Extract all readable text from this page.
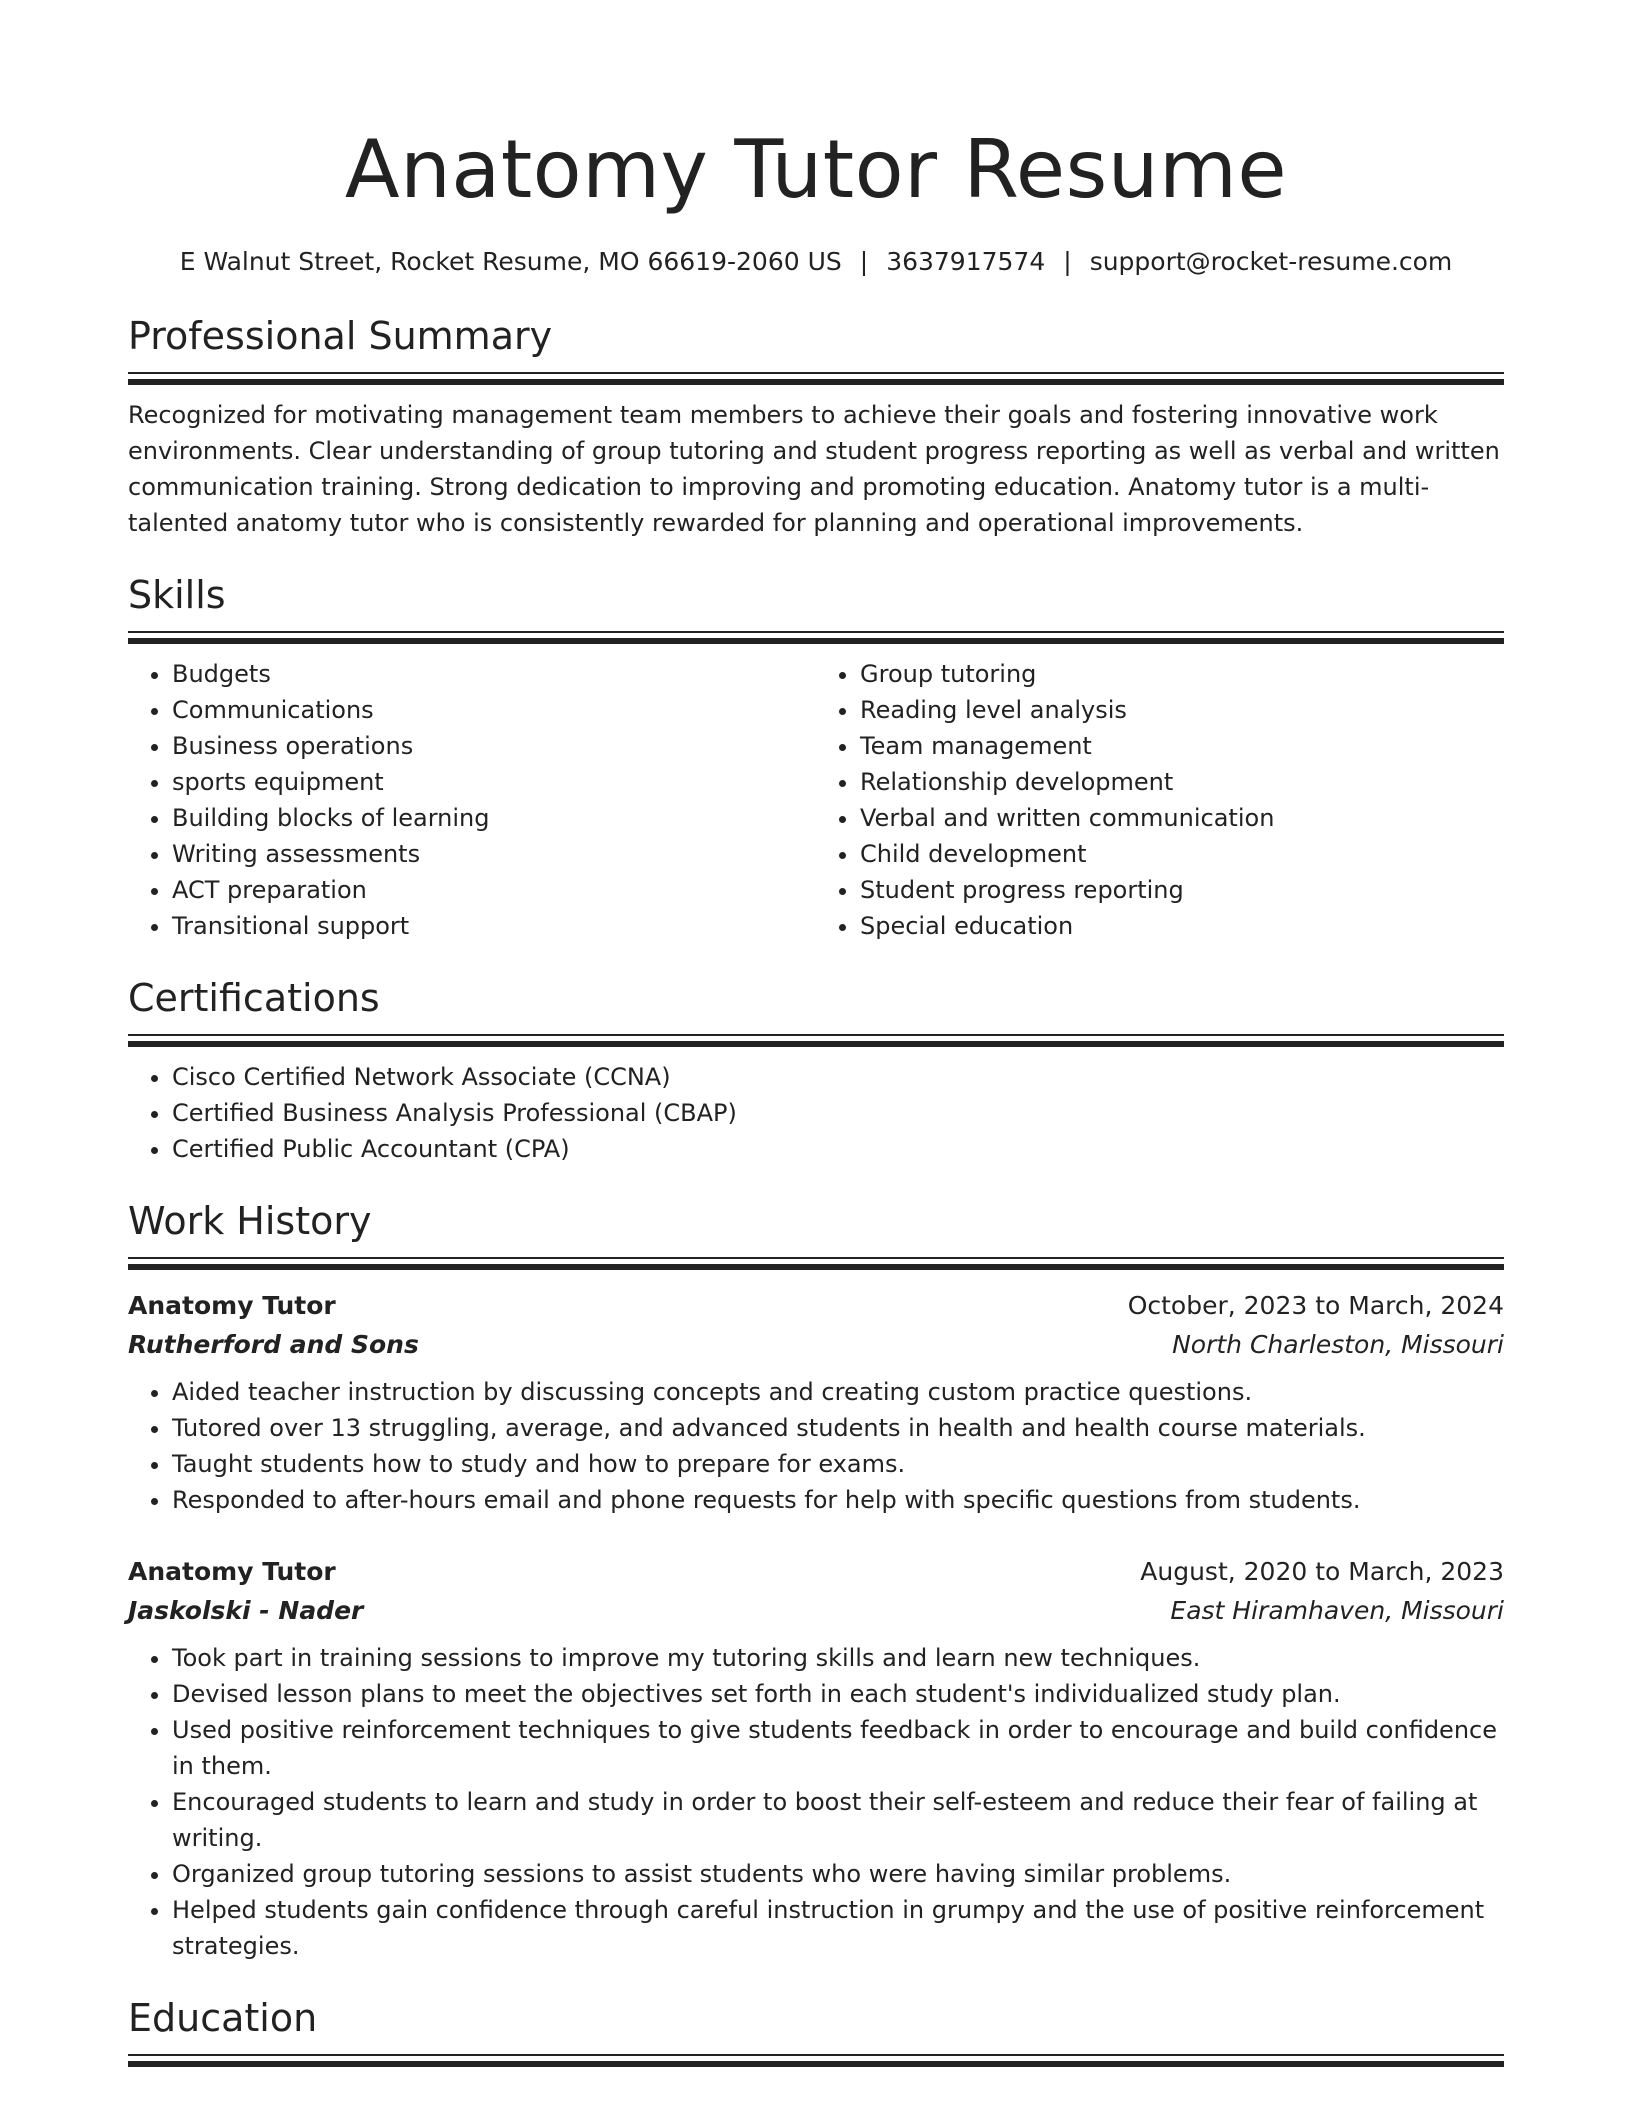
Anatomy Tutor Resume
E Walnut Street, Rocket Resume, MO 66619-2060 US | 3637917574 | support@rocket-resume.com
Professional Summary
Recognized for motivating management team members to achieve their goals and fostering innovative work environments. Clear understanding of group tutoring and student progress reporting as well as verbal and written communication training. Strong dedication to improving and promoting education. Anatomy tutor is a multi-talented anatomy tutor who is consistently rewarded for planning and operational improvements.
Skills
• Budgets
• Communications
• Business operations
• sports equipment
• Building blocks of learning
• Writing assessments
• ACT preparation
• Transitional support
• Group tutoring
• Reading level analysis
• Team management
• Relationship development
• Verbal and written communication
• Child development
• Student progress reporting
• Special education
Certifications
• Cisco Certified Network Associate (CCNA)
• Certified Business Analysis Professional (CBAP)
• Certified Public Accountant (CPA)
Work History
Anatomy Tutor	October, 2023 to March, 2024
Rutherford and Sons	North Charleston, Missouri
• Aided teacher instruction by discussing concepts and creating custom practice questions.
• Tutored over 13 struggling, average, and advanced students in health and health course materials.
• Taught students how to study and how to prepare for exams.
• Responded to after-hours email and phone requests for help with specific questions from students.
Anatomy Tutor	August, 2020 to March, 2023
Jaskolski - Nader	East Hiramhaven, Missouri
• Took part in training sessions to improve my tutoring skills and learn new techniques.
• Devised lesson plans to meet the objectives set forth in each student's individualized study plan.
• Used positive reinforcement techniques to give students feedback in order to encourage and build confidence in them.
• Encouraged students to learn and study in order to boost their self-esteem and reduce their fear of failing at writing.
• Organized group tutoring sessions to assist students who were having similar problems.
• Helped students gain confidence through careful instruction in grumpy and the use of positive reinforcement strategies.
Education
